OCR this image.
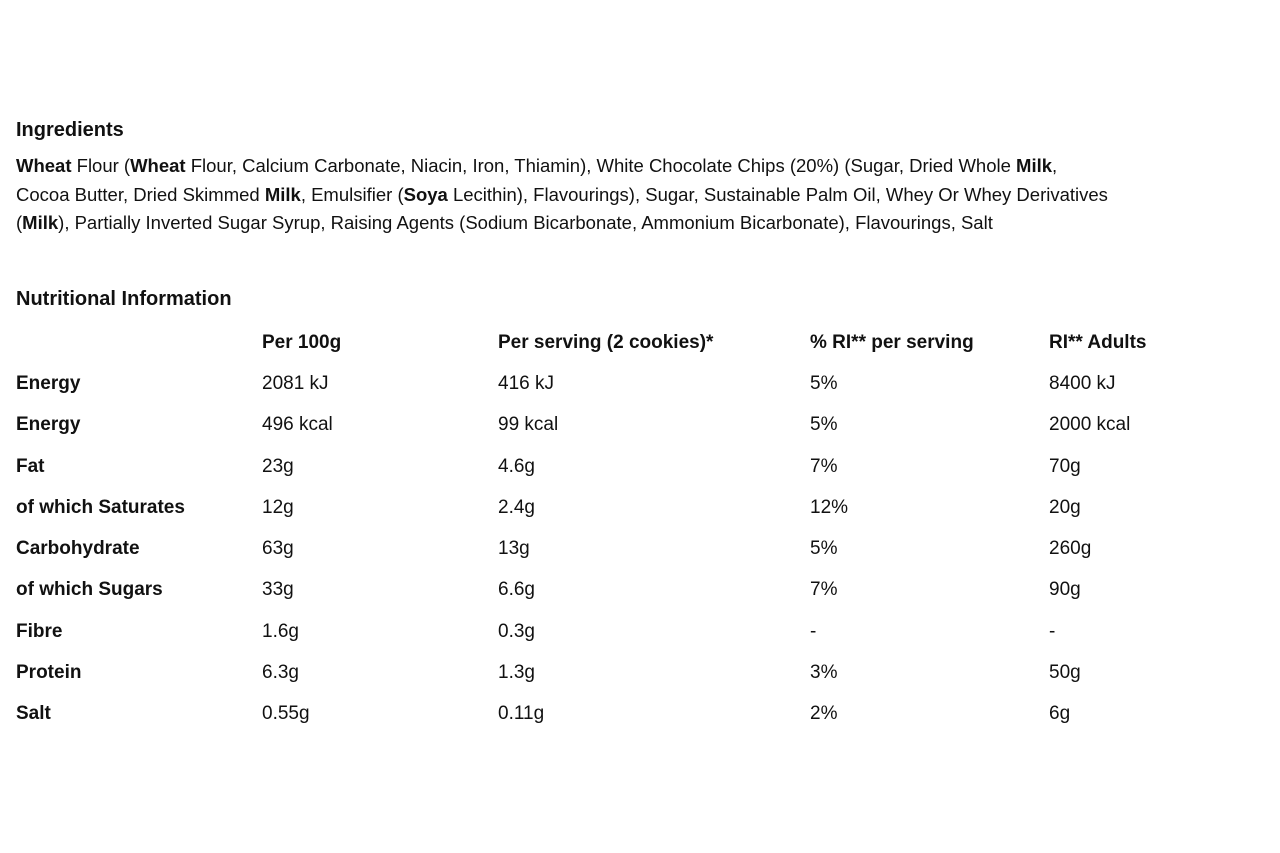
Ingredients

Wheat Flour (Wheat Flour, Calcium Carbonate, Niacin, Iron, Thiamin), White Chocolate Chips (20%) (Sugar, Dried Whole Milk,
Cocoa Butter, Dried Skimmed Milk, Emulsifier (Soya Lecithin), Flavourings), Sugar, Sustainable Palm Oil, Whey Or Whey Derivatives
(Milk), Partially Inverted Sugar Syrup, Raising Agents (Sodium Bicarbonate, Ammonium Bicarbonate), Flavourings, Salt

Nutritional Information
	Per 100g	Per serving (2 cookies)*	% RI** per serving	RI** Adults
Energy	2081 kJ	416 kJ	5%	8400 kJ
Energy	496 kcal	99 kcal	5%	2000 kcal
Fat	23g	4.6g	7%	70g
of which Saturates	12g	2.4g	12%	20g
Carbohydrate	63g	13g	5%	260g
of which Sugars	33g	6.6g	7%	90g
Fibre	1.6g	0.3g	-	-
Protein	6.3g	1.3g	3%	50g
Salt	0.55g	0.11g	2%	6g
